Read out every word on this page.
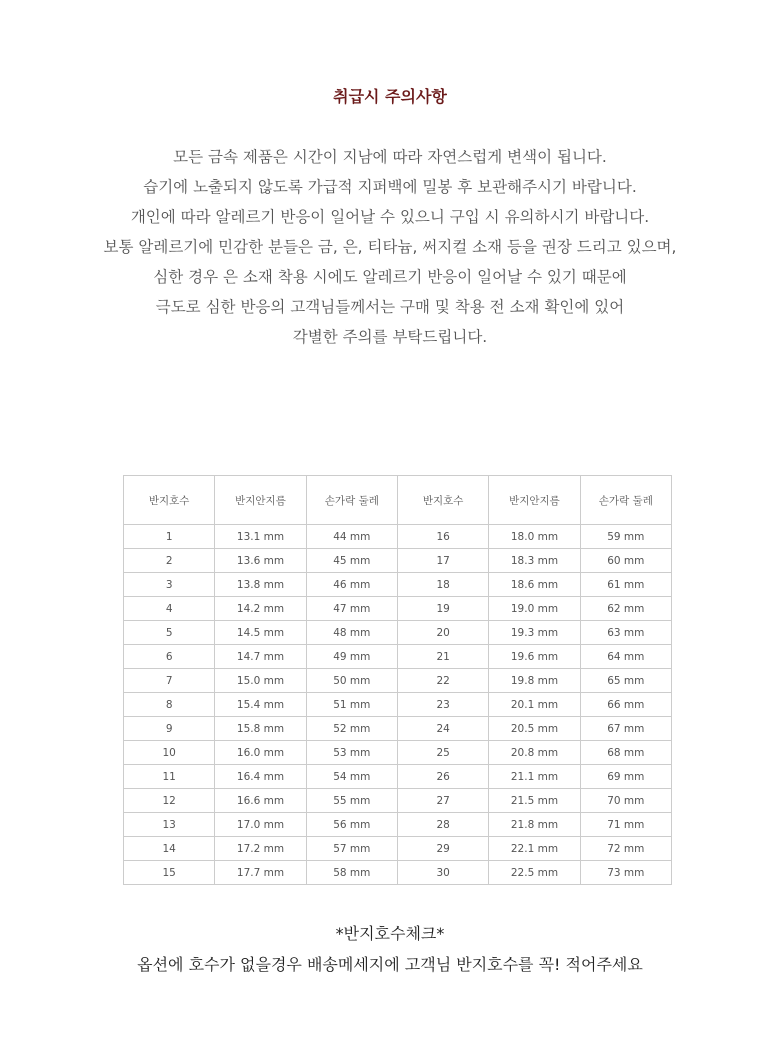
취급시 주의사항
모든 금속 제품은 시간이 지남에 따라 자연스럽게 변색이 됩니다.
습기에 노출되지 않도록 가급적 지퍼백에 밀봉 후 보관해주시기 바랍니다.
개인에 따라 알레르기 반응이 일어날 수 있으니 구입 시 유의하시기 바랍니다.
보통 알레르기에 민감한 분들은 금, 은, 티타늄, 써지컬 소재 등을 권장 드리고 있으며,
심한 경우 은 소재 착용 시에도 알레르기 반응이 일어날 수 있기 때문에
극도로 심한 반응의 고객님들께서는 구매 및 착용 전 소재 확인에 있어
각별한 주의를 부탁드립니다.
반지호수	반지안지름	손가락 둘레	반지호수	반지안지름	손가락 둘레
1	13.1 mm	44 mm	16	18.0 mm	59 mm
2	13.6 mm	45 mm	17	18.3 mm	60 mm
3	13.8 mm	46 mm	18	18.6 mm	61 mm
4	14.2 mm	47 mm	19	19.0 mm	62 mm
5	14.5 mm	48 mm	20	19.3 mm	63 mm
6	14.7 mm	49 mm	21	19.6 mm	64 mm
7	15.0 mm	50 mm	22	19.8 mm	65 mm
8	15.4 mm	51 mm	23	20.1 mm	66 mm
9	15.8 mm	52 mm	24	20.5 mm	67 mm
10	16.0 mm	53 mm	25	20.8 mm	68 mm
11	16.4 mm	54 mm	26	21.1 mm	69 mm
12	16.6 mm	55 mm	27	21.5 mm	70 mm
13	17.0 mm	56 mm	28	21.8 mm	71 mm
14	17.2 mm	57 mm	29	22.1 mm	72 mm
15	17.7 mm	58 mm	30	22.5 mm	73 mm
*반지호수체크*
옵션에 호수가 없을경우 배송메세지에 고객님 반지호수를 꼭! 적어주세요
